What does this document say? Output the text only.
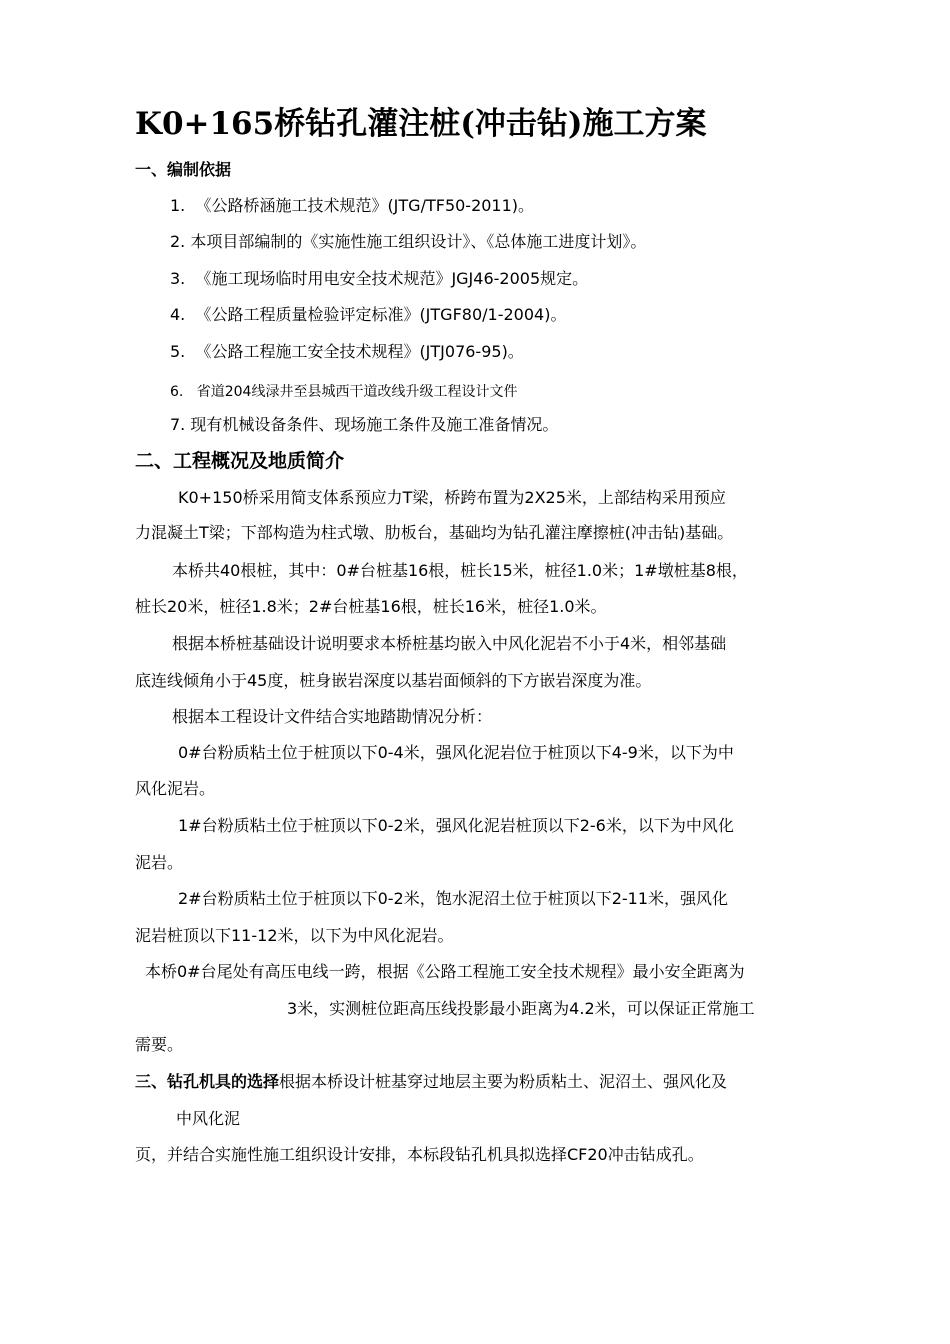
K0+165桥钻孔灌注桩(冲击钻)施工方案
一、编制依据
1. 《公路桥涵施工技术规范》(JTG/TF50-2011)。
2. 本项目部编制的《实施性施工组织设计》、《总体施工进度计划》。
3. 《施工现场临时用电安全技术规范》JGJ46-2005规定。
4. 《公路工程质量检验评定标准》(JTGF80/1-2004)。
5. 《公路工程施工安全技术规程》(JTJ076-95)。
6. 省道204线渌井至县城西干道改线升级工程设计文件
7. 现有机械设备条件、现场施工条件及施工准备情况。
二、工程概况及地质简介
K0+150桥采用简支体系预应力T梁，桥跨布置为2X25米，上部结构采用预应
力混凝土T梁；下部构造为柱式墩、肋板台，基础均为钻孔灌注摩擦桩(冲击钻)基础。
本桥共40根桩，其中：0#台桩基16根，桩长15米，桩径1.0米；1#墩桩基8根，
桩长20米，桩径1.8米；2#台桩基16根，桩长16米，桩径1.0米。
根据本桥桩基础设计说明要求本桥桩基均嵌入中风化泥岩不小于4米，相邻基础
底连线倾角小于45度，桩身嵌岩深度以基岩面倾斜的下方嵌岩深度为准。
根据本工程设计文件结合实地踏勘情况分析：
0#台粉质粘土位于桩顶以下0-4米，强风化泥岩位于桩顶以下4-9米，以下为中
风化泥岩。
1#台粉质粘土位于桩顶以下0-2米，强风化泥岩桩顶以下2-6米，以下为中风化
泥岩。
2#台粉质粘土位于桩顶以下0-2米，饱水泥沼土位于桩顶以下2-11米，强风化
泥岩桩顶以下11-12米，以下为中风化泥岩。
本桥0#台尾处有高压电线一跨，根据《公路工程施工安全技术规程》最小安全距离为
3米，实测桩位距高压线投影最小距离为4.2米，可以保证正常施工
需要。
三、钻孔机具的选择根据本桥设计桩基穿过地层主要为粉质粘土、泥沼土、强风化及
中风化泥
页，并结合实施性施工组织设计安排，本标段钻孔机具拟选择CF20冲击钻成孔。
